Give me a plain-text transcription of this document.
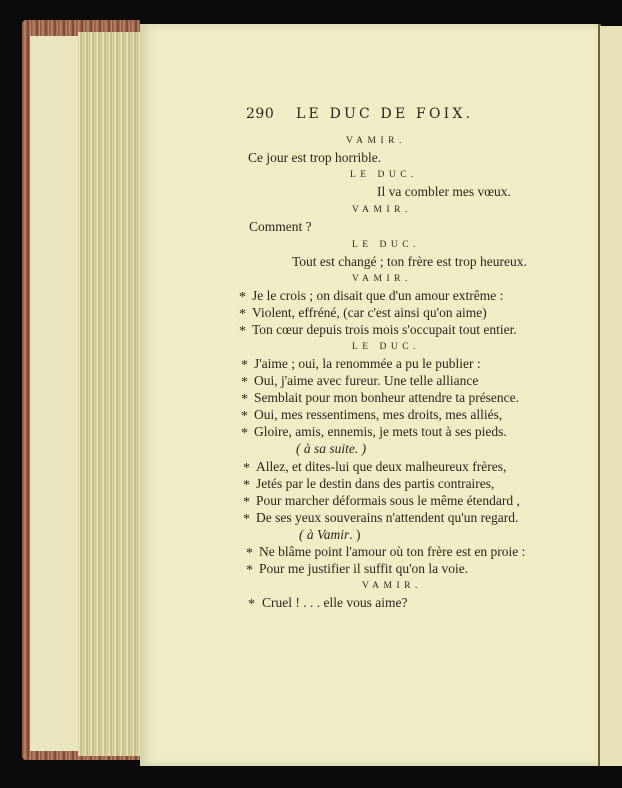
290 LE DUC DE FOIX.
VAMIR.
Ce jour est trop horrible.
LE DUC.
Il va combler mes vœux.
VAMIR.
Comment ?
LE DUC.
Tout est changé ; ton frère est trop heureux.
VAMIR.
* Je le crois ; on disait que d'un amour extrême :
* Violent, effréné, (car c'est ainsi qu'on aime)
* Ton cœur depuis trois mois s'occupait tout entier.
LE DUC.
* J'aime ; oui, la renommée a pu le publier :
* Oui, j'aime avec fureur. Une telle alliance
* Semblait pour mon bonheur attendre ta présence.
* Oui, mes ressentimens, mes droits, mes alliés,
* Gloire, amis, ennemis, je mets tout à ses pieds.
( à sa suite. )
* Allez, et dites-lui que deux malheureux frères,
* Jetés par le destin dans des partis contraires,
* Pour marcher déformais sous le même étendard ,
* De ses yeux souverains n'attendent qu'un regard.
( à Vamir. )
* Ne blâme point l'amour où ton frère est en proie :
* Pour me justifier il suffit qu'on la voie.
VAMIR.
* Cruel ! . . . elle vous aime?
